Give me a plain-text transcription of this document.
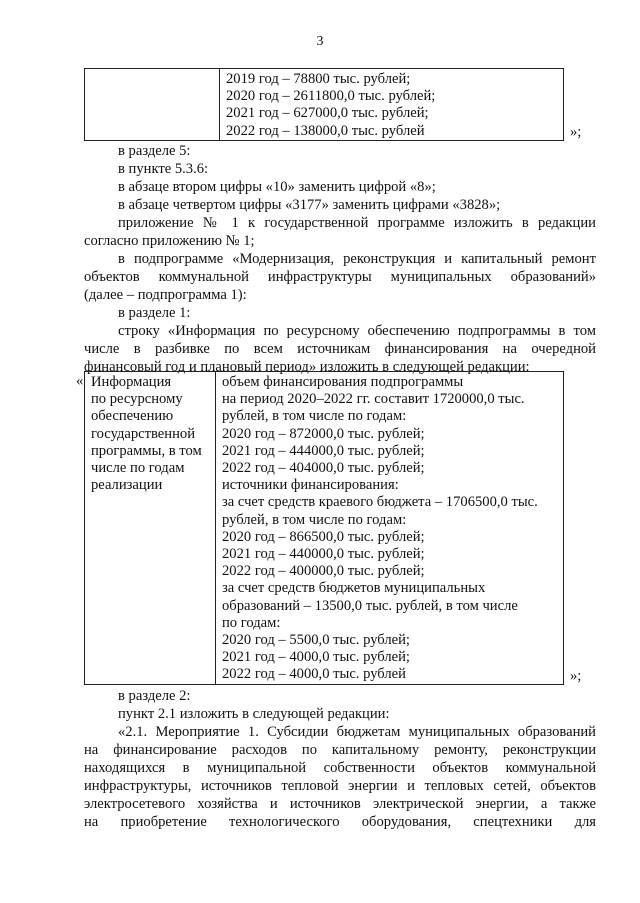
3

2019 год – 78800 тыс. рублей;
2020 год – 2611800,0 тыс. рублей;
2021 год – 627000,0 тыс. рублей;
2022 год – 138000,0 тыс. рублей	»;
в разделе 5:
в пункте 5.3.6:
в абзаце втором цифры «10» заменить цифрой «8»;
в абзаце четвертом цифры «3177» заменить цифрами «3828»;
приложение № 1 к государственной программе изложить в редакции
согласно приложению № 1;
в подпрограмме «Модернизация, реконструкция и капитальный ремонт
объектов коммунальной инфраструктуры муниципальных образований»
(далее – подпрограмма 1):
в разделе 1:
строку «Информация по ресурсному обеспечению подпрограммы в том
числе в разбивке по всем источникам финансирования на очередной
финансовый год и плановый период» изложить в следующей редакции:
« Информация
по ресурсному
обеспечению
государственной
программы, в том
числе по годам
реализации

объем финансирования подпрограммы
на период 2020–2022 гг. составит 1720000,0 тыс.
рублей, в том числе по годам:
2020 год – 872000,0 тыс. рублей;
2021 год – 444000,0 тыс. рублей;
2022 год – 404000,0 тыс. рублей;
источники финансирования:
за счет средств краевого бюджета – 1706500,0 тыс.
рублей, в том числе по годам:
2020 год – 866500,0 тыс. рублей;
2021 год – 440000,0 тыс. рублей;
2022 год – 400000,0 тыс. рублей;
за счет средств бюджетов муниципальных
образований – 13500,0 тыс. рублей, в том числе
по годам:
2020 год – 5500,0 тыс. рублей;
2021 год – 4000,0 тыс. рублей;
2022 год – 4000,0 тыс. рублей	»;
в разделе 2:
пункт 2.1 изложить в следующей редакции:
«2.1. Мероприятие 1. Субсидии бюджетам муниципальных образований
на финансирование расходов по капитальному ремонту, реконструкции
находящихся в муниципальной собственности объектов коммунальной
инфраструктуры, источников тепловой энергии и тепловых сетей, объектов
электросетевого хозяйства и источников электрической энергии, а также
на приобретение технологического оборудования, спецтехники для
